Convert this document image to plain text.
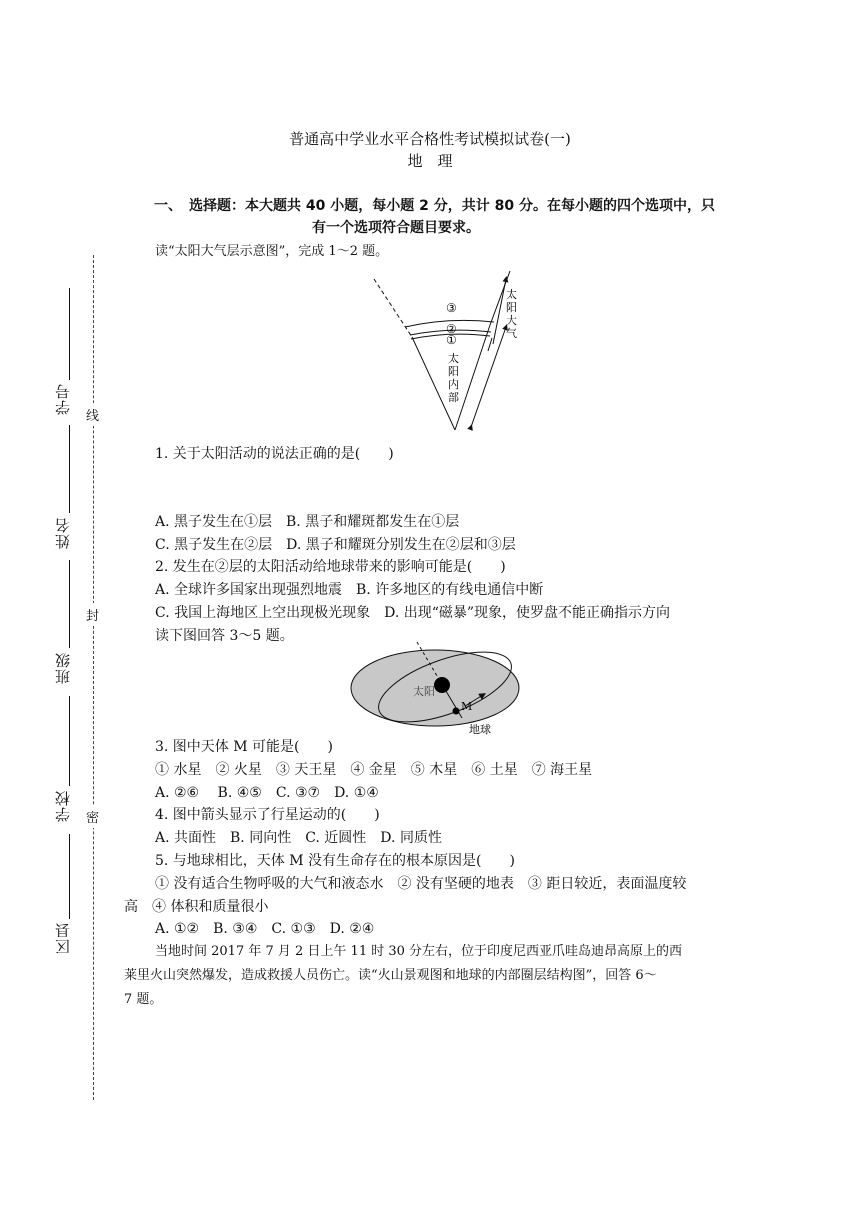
学号
姓名
班级
学校
区县
线
封
密
普通高中学业水平合格性考试模拟试卷(一)
地　理
一、　选择题：本大题共 40 小题，每小题 2 分，共计 80 分。在每小题的四个选项中，只
有一个选项符合题目要求。
读“太阳大气层示意图”，完成 1～2 题。
③
②
①
太
阳
内
部
太
阳
大
气
1. 关于太阳活动的说法正确的是(　　)
A. 黑子发生在①层　B. 黑子和耀斑都发生在①层
C. 黑子发生在②层　D. 黑子和耀斑分别发生在②层和③层
2. 发生在②层的太阳活动给地球带来的影响可能是(　　)
A. 全球许多国家出现强烈地震　B. 许多地区的有线电通信中断
C. 我国上海地区上空出现极光现象　D. 出现“磁暴”现象，使罗盘不能正确指示方向
读下图回答 3～5 题。
太阳
M
地球
3. 图中天体 M 可能是(　　)
① 水星　② 火星　③ 天王星　④ 金星　⑤ 木星　⑥ 土星　⑦ 海王星
A. ②⑥　 B. ④⑤　C. ③⑦　D. ①④
4. 图中箭头显示了行星运动的(　　)
A. 共面性　B. 同向性　C. 近圆性　D. 同质性
5. 与地球相比，天体 M 没有生命存在的根本原因是(　　)
① 没有适合生物呼吸的大气和液态水　② 没有坚硬的地表　③ 距日较近，表面温度较
高　④ 体积和质量很小
A. ①②　B. ③④　C. ①③　D. ②④
当地时间 2017 年 7 月 2 日上午 11 时 30 分左右，位于印度尼西亚爪哇岛迪昂高原上的西
莱里火山突然爆发，造成救援人员伤亡。读“火山景观图和地球的内部圈层结构图”，回答 6～
7 题。
